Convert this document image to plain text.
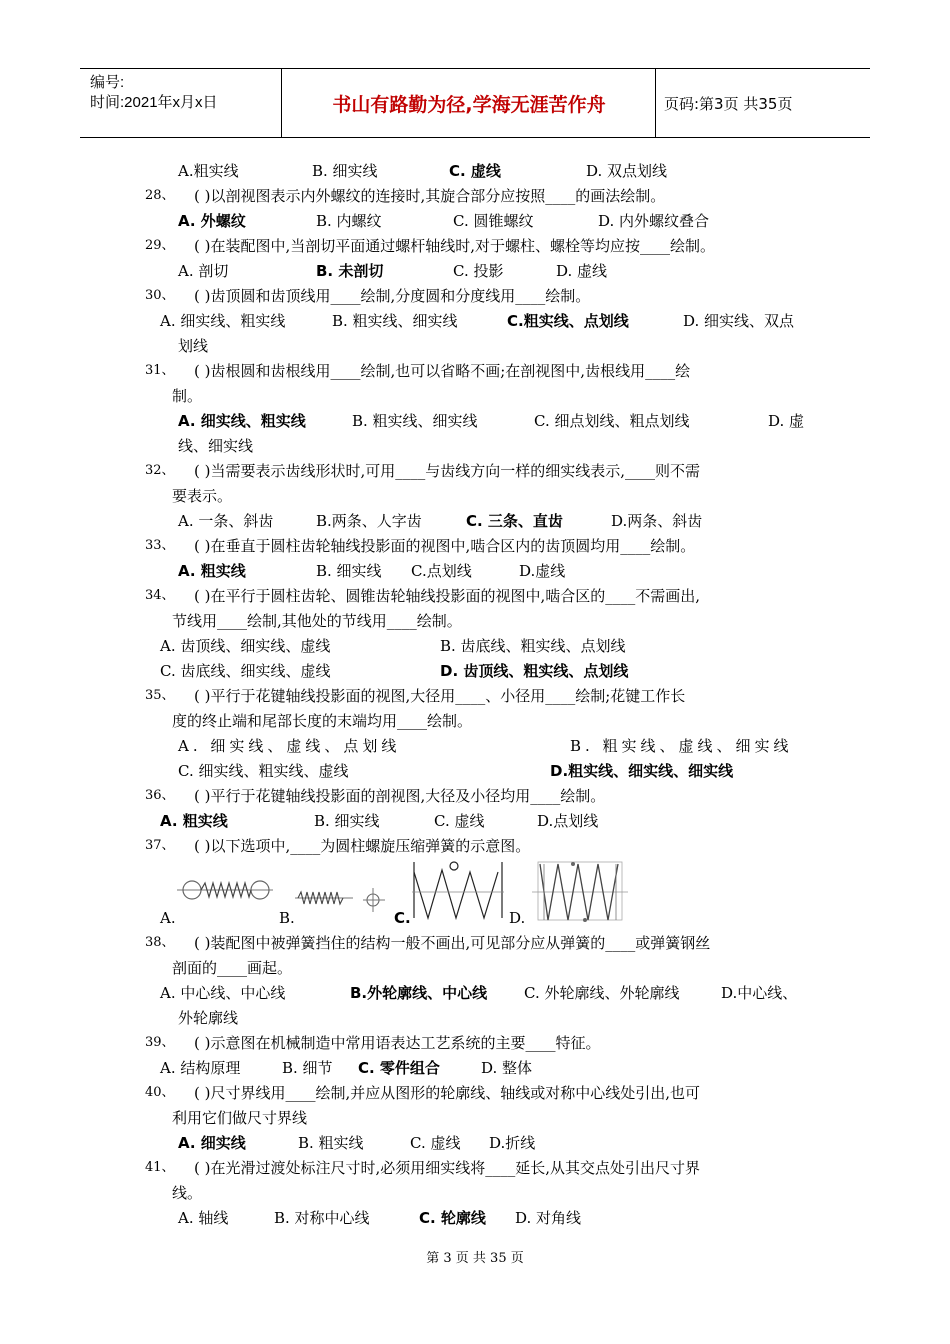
编号:
时间:2021年x月x日	书山有路勤为径,学海无涯苦作舟	页码:第3页 共35页
A.粗实线	B. 细实线	C. 虚线	D. 双点划线
28、 ( )以剖视图表示内外螺纹的连接时,其旋合部分应按照____的画法绘制。
A. 外螺纹	B. 内螺纹	C. 圆锥螺纹	D. 内外螺纹叠合
29、 ( )在装配图中,当剖切平面通过螺杆轴线时,对于螺柱、螺栓等均应按____绘制。
A. 剖切	B. 未剖切	C. 投影	D. 虚线
30、 ( )齿顶圆和齿顶线用____绘制,分度圆和分度线用____绘制。
A. 细实线、粗实线	B. 粗实线、细实线	C.粗实线、点划线	D. 细实线、双点
划线
31、 ( )齿根圆和齿根线用____绘制,也可以省略不画;在剖视图中,齿根线用____绘
制。
A. 细实线、粗实线	B. 粗实线、细实线	C. 细点划线、粗点划线	D. 虚
线、细实线
32、 ( )当需要表示齿线形状时,可用____与齿线方向一样的细实线表示,____则不需
要表示。
A. 一条、斜齿	B.两条、人字齿	C. 三条、直齿	D.两条、斜齿
33、 ( )在垂直于圆柱齿轮轴线投影面的视图中,啮合区内的齿顶圆均用____绘制。
A. 粗实线	B. 细实线 C.点划线	D.虚线
34、 ( )在平行于圆柱齿轮、圆锥齿轮轴线投影面的视图中,啮合区的____不需画出,
节线用____绘制,其他处的节线用____绘制。
A. 齿顶线、细实线、虚线	B. 齿底线、粗实线、点划线
C. 齿底线、细实线、虚线	D. 齿顶线、粗实线、点划线
35、 ( )平行于花键轴线投影面的视图,大径用____、小径用____绘制;花键工作长
度的终止端和尾部长度的末端均用____绘制。
A. 细实线、虚线、点划线	B. 粗实线、虚线、细实线
C. 细实线、粗实线、虚线	D.粗实线、细实线、细实线
36、 ( )平行于花键轴线投影面的剖视图,大径及小径均用____绘制。
A. 粗实线	B. 细实线	C. 虚线	D.点划线
37、 ( )以下选项中,____为圆柱螺旋压缩弹簧的示意图。
A.	B.	C.	D.
38、 ( )装配图中被弹簧挡住的结构一般不画出,可见部分应从弹簧的____或弹簧钢丝
剖面的____画起。
A. 中心线、中心线	B.外轮廓线、中心线 C. 外轮廓线、外轮廓线	D.中心线、
外轮廓线
39、 ( )示意图在机械制造中常用语表达工艺系统的主要____特征。
A. 结构原理	B. 细节 C. 零件组合	D. 整体
40、 ( )尺寸界线用____绘制,并应从图形的轮廓线、轴线或对称中心线处引出,也可
利用它们做尺寸界线
A. 细实线	B. 粗实线	C. 虚线 D.折线
41、 ( )在光滑过渡处标注尺寸时,必须用细实线将____延长,从其交点处引出尺寸界
线。
A. 轴线	B. 对称中心线	C. 轮廓线 D. 对角线
第 3 页 共 35 页
